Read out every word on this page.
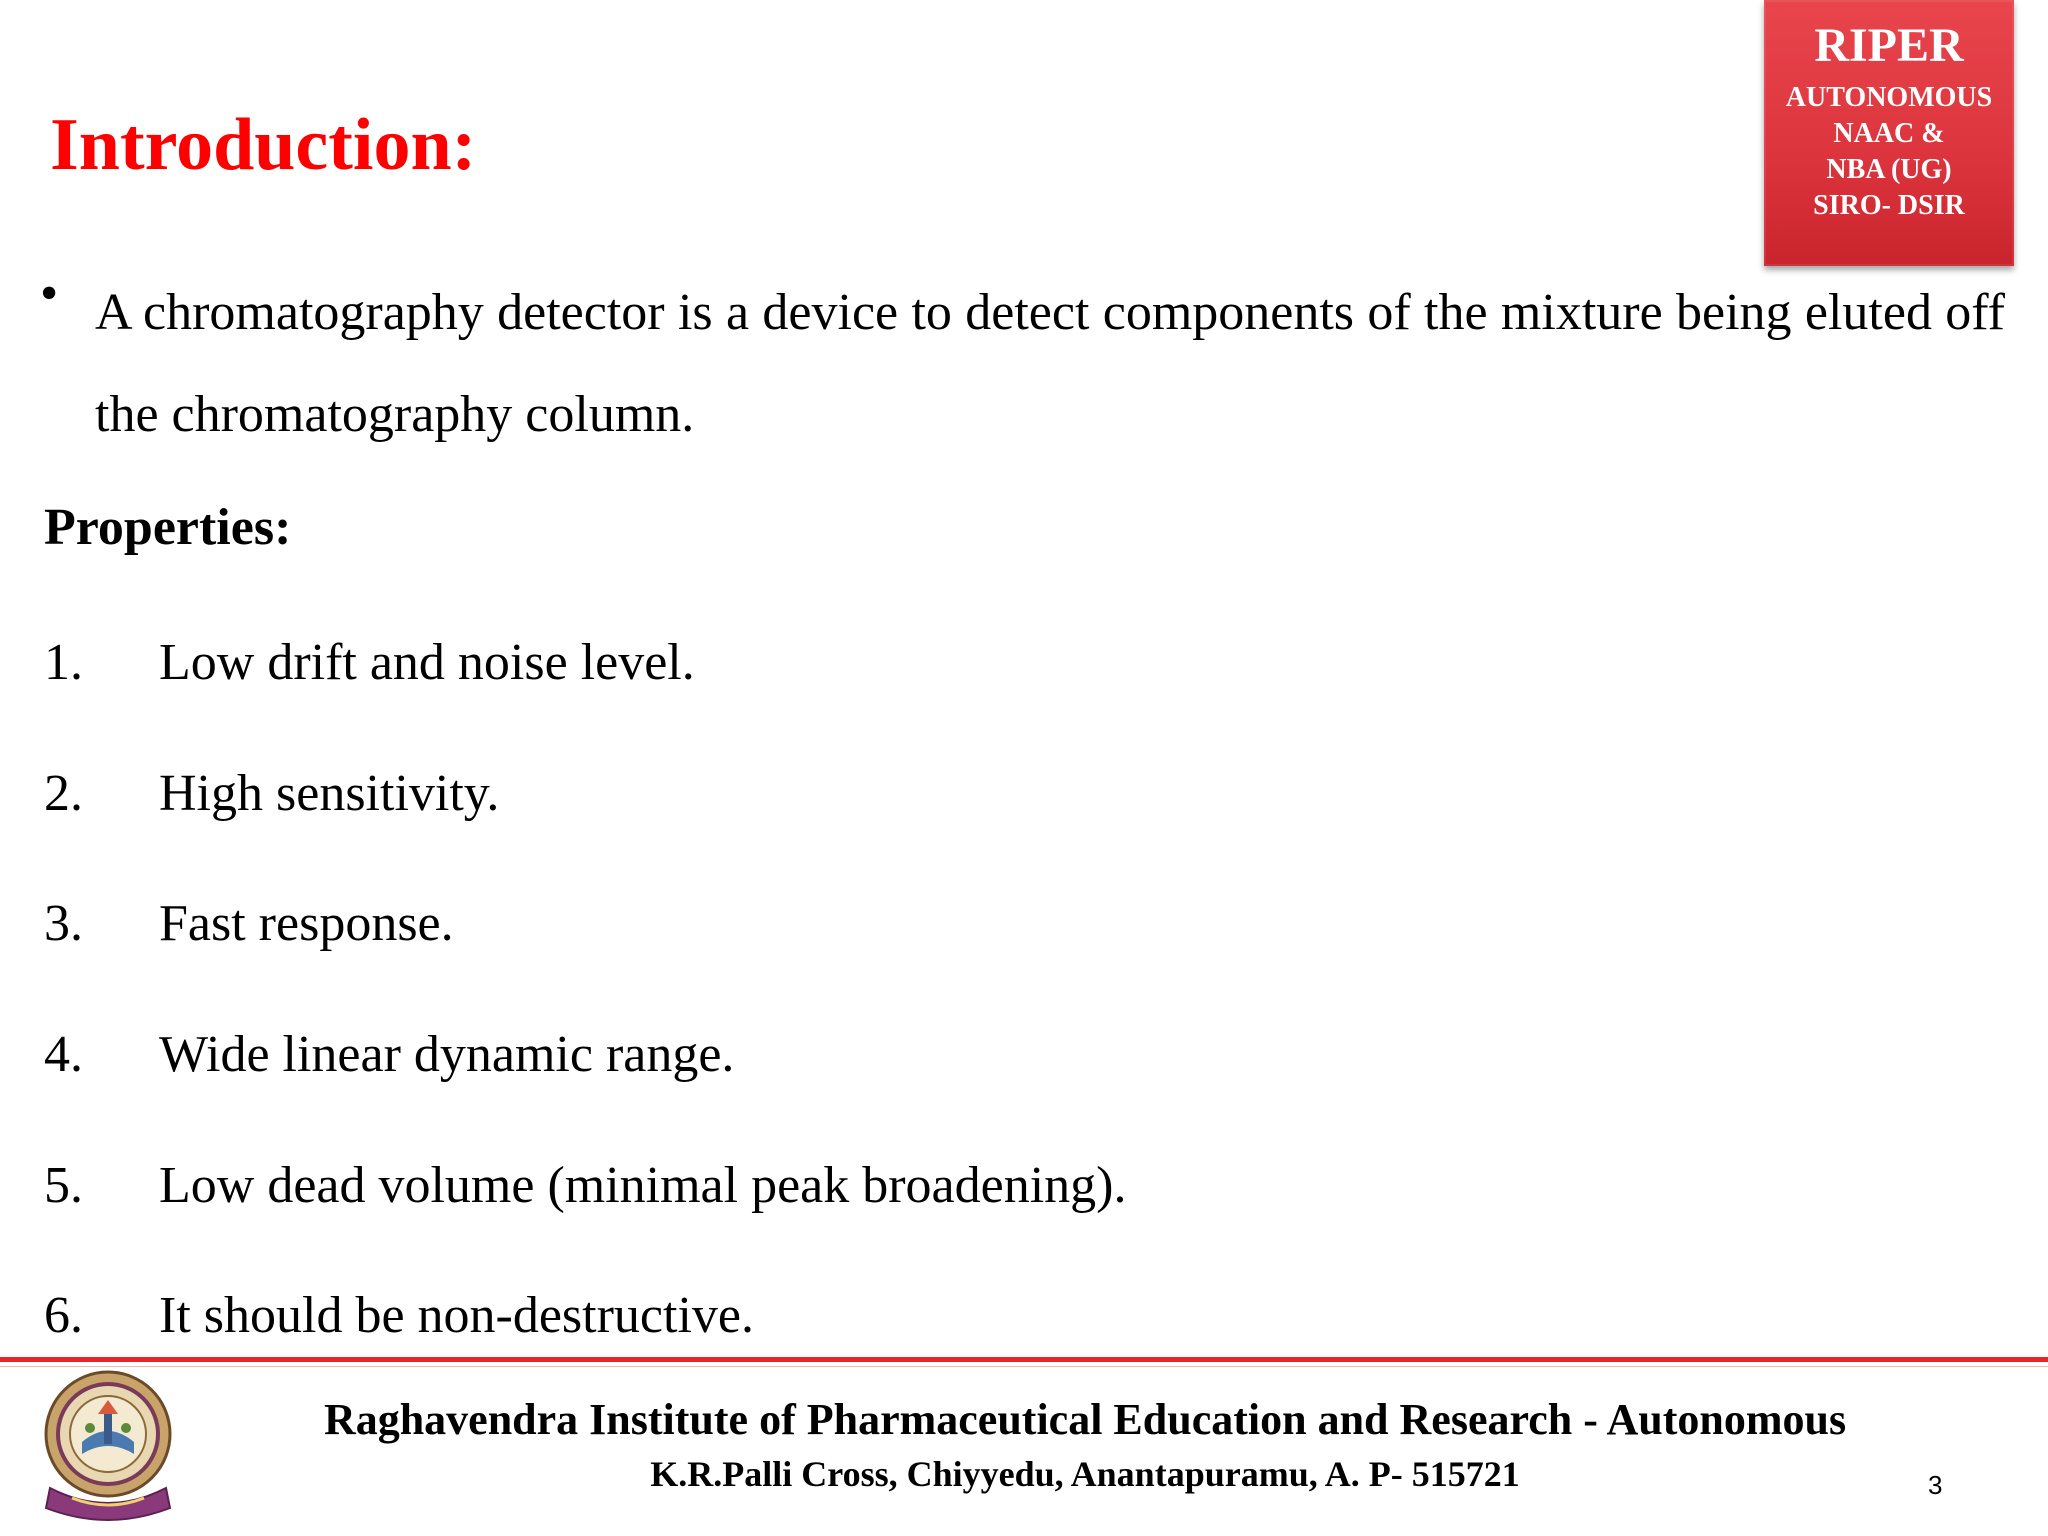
Introduction:
RIPER
AUTONOMOUS
NAAC &
NBA (UG)
SIRO- DSIR
• A chromatography detector is a device to detect components of the mixture being eluted off the chromatography column.
Properties:
1. Low drift and noise level.
2. High sensitivity.
3. Fast response.
4. Wide linear dynamic range.
5. Low dead volume (minimal peak broadening).
6. It should be non-destructive.
Raghavendra Institute of Pharmaceutical Education and Research - Autonomous
K.R.Palli Cross, Chiyyedu, Anantapuramu, A. P- 515721	3
